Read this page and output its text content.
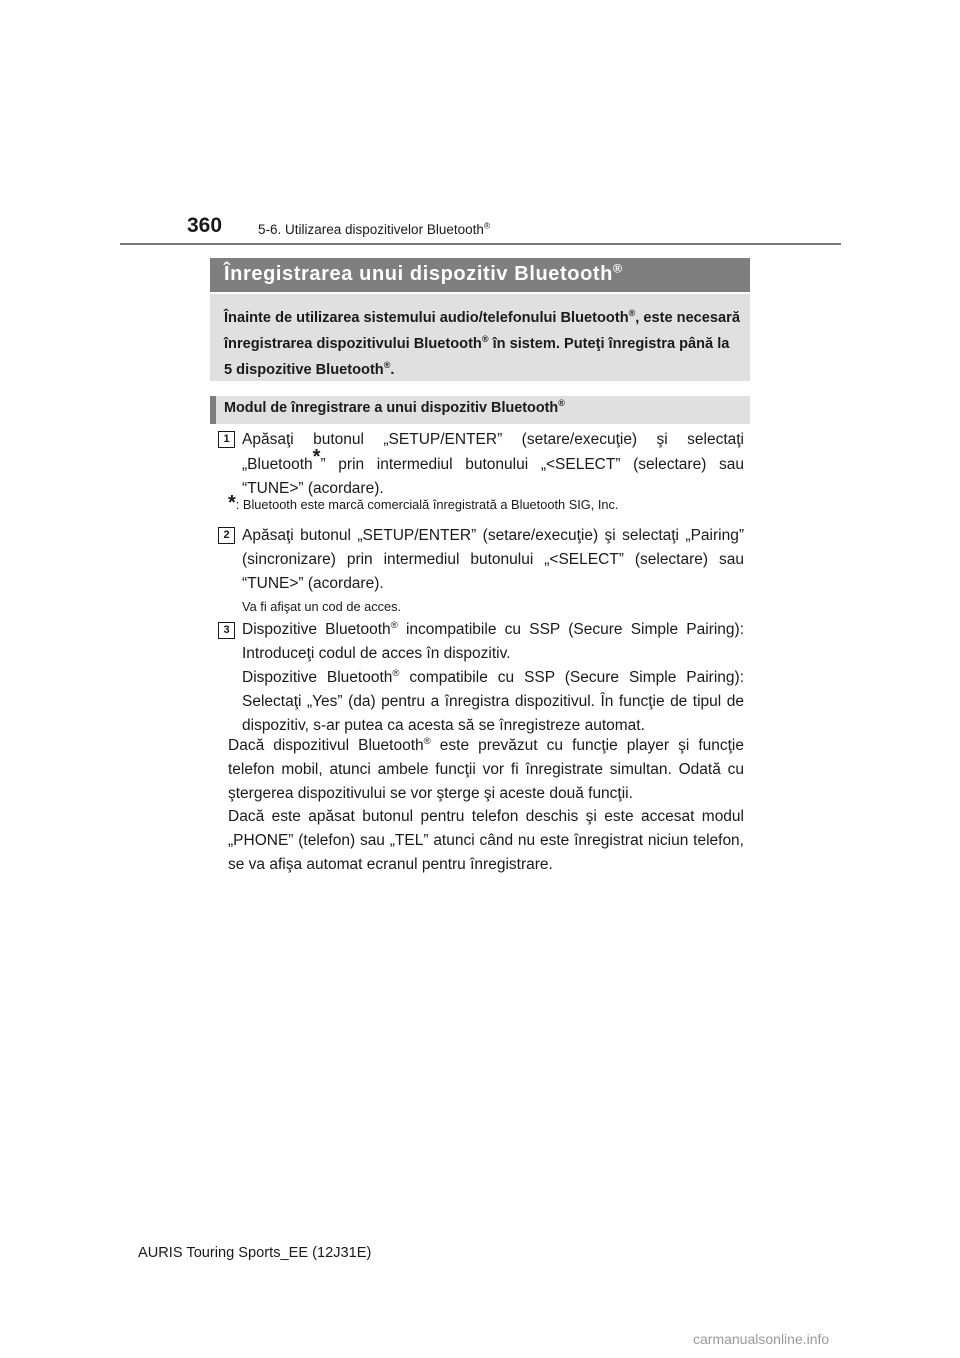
360	5-6. Utilizarea dispozitivelor Bluetooth®
Înregistrarea unui dispozitiv Bluetooth®
Înainte de utilizarea sistemului audio/telefonului Bluetooth®, este necesară înregistrarea dispozitivului Bluetooth® în sistem. Puteţi înregistra până la 5 dispozitive Bluetooth®.
Modul de înregistrare a unui dispozitiv Bluetooth®
1 Apăsaţi butonul „SETUP/ENTER” (setare/execuţie) şi selectaţi „Bluetooth*” prin intermediul butonului „<SELECT” (selectare) sau “TUNE>” (acordare).
*: Bluetooth este marcă comercială înregistrată a Bluetooth SIG, Inc.
2 Apăsaţi butonul „SETUP/ENTER” (setare/execuţie) şi selectaţi „Pairing” (sincronizare) prin intermediul butonului „<SELECT” (selectare) sau “TUNE>” (acordare).
Va fi afişat un cod de acces.
3 Dispozitive Bluetooth® incompatibile cu SSP (Secure Simple Pairing): Introduceţi codul de acces în dispozitiv.
Dispozitive Bluetooth® compatibile cu SSP (Secure Simple Pairing): Selectaţi „Yes” (da) pentru a înregistra dispozitivul. În funcţie de tipul de dispozitiv, s-ar putea ca acesta să se înregistreze automat.
Dacă dispozitivul Bluetooth® este prevăzut cu funcţie player şi funcţie telefon mobil, atunci ambele funcţii vor fi înregistrate simultan. Odată cu ştergerea dispozitivului se vor şterge şi aceste două funcţii.
Dacă este apăsat butonul pentru telefon deschis şi este accesat modul „PHONE” (telefon) sau „TEL” atunci când nu este înregistrat niciun telefon, se va afişa automat ecranul pentru înregistrare.
AURIS Touring Sports_EE (12J31E)
carmanualsonline.info
